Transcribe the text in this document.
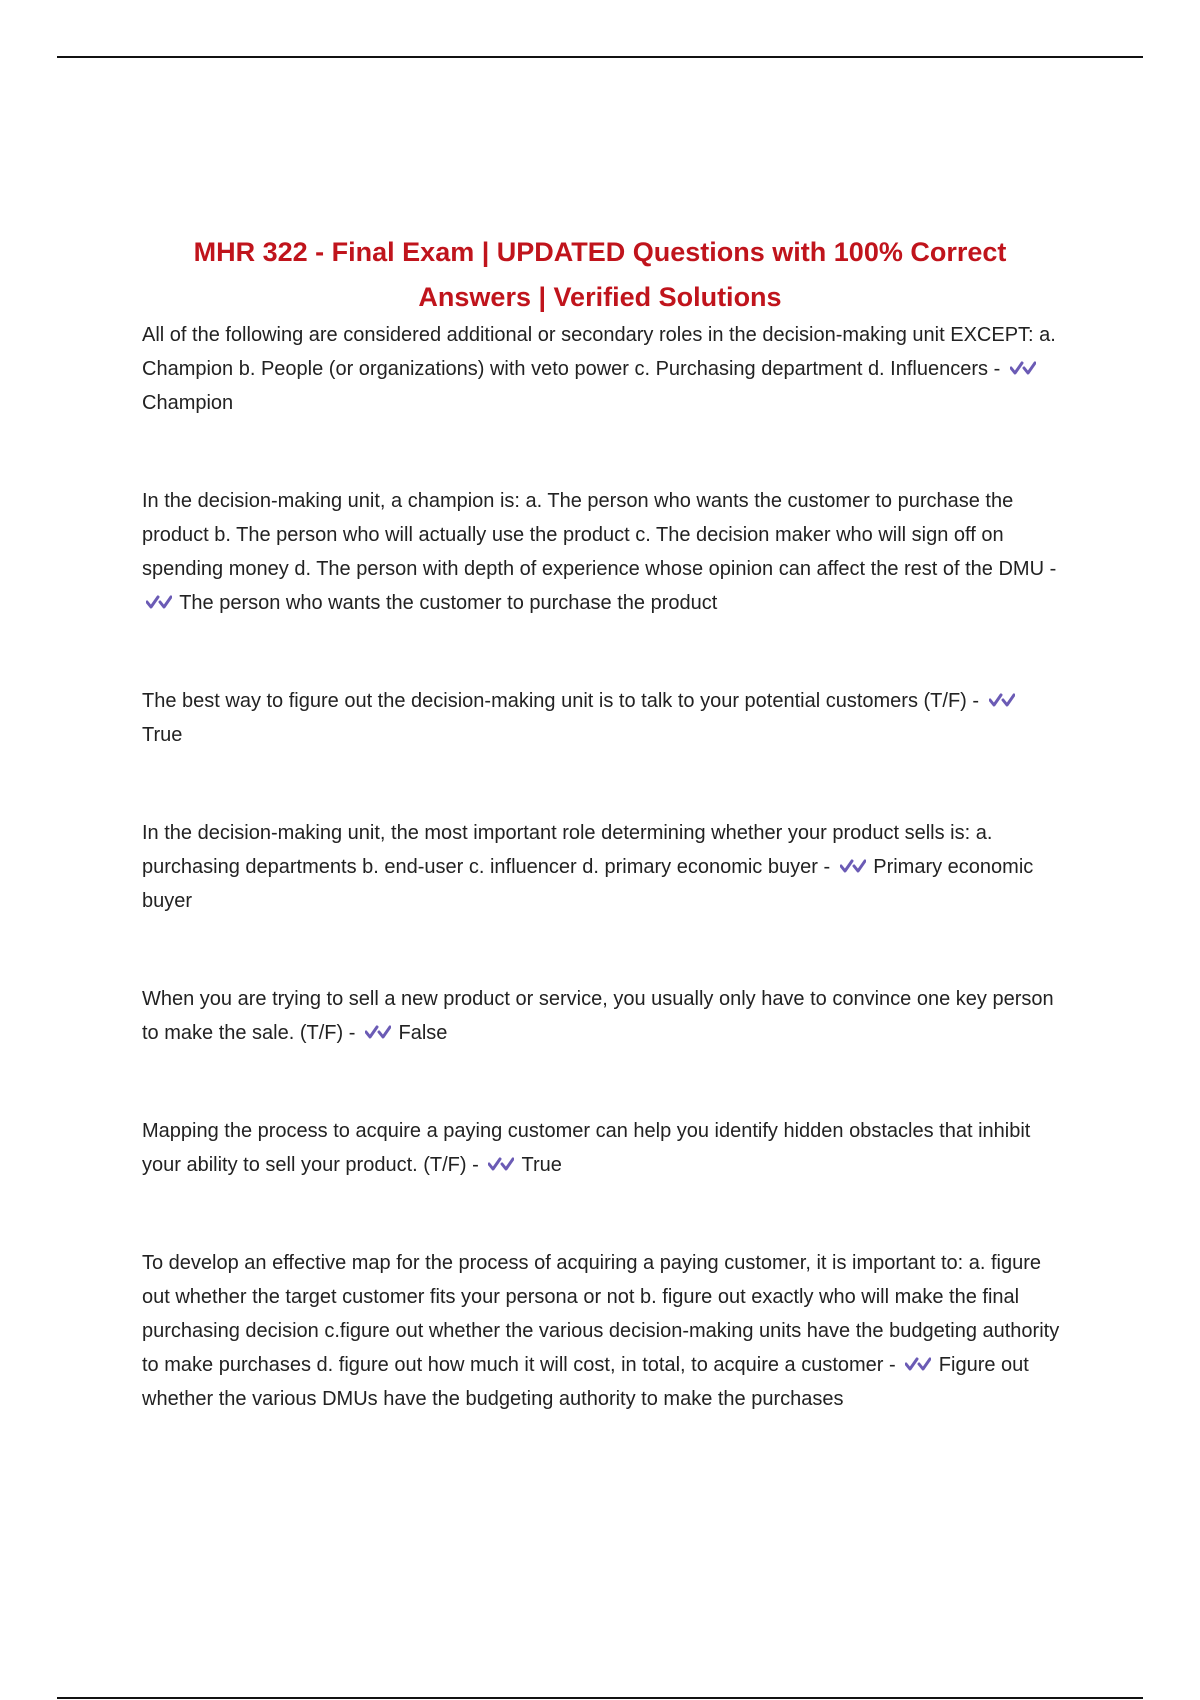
MHR 322 - Final Exam | UPDATED Questions with 100% Correct Answers | Verified Solutions

All of the following are considered additional or secondary roles in the decision-making unit EXCEPT: a. Champion b. People (or organizations) with veto power c. Purchasing department d. Influencers -
Champion

In the decision-making unit, a champion is: a. The person who wants the customer to purchase the product b. The person who will actually use the product c. The decision maker who will sign off on spending money d. The person with depth of experience whose opinion can affect the rest of the DMU -
The person who wants the customer to purchase the product

The best way to figure out the decision-making unit is to talk to your potential customers (T/F) -
True

In the decision-making unit, the most important role determining whether your product sells is: a. purchasing departments b. end-user c. influencer d. primary economic buyer - Primary economic buyer

When you are trying to sell a new product or service, you usually only have to convince one key person to make the sale. (T/F) - False

Mapping the process to acquire a paying customer can help you identify hidden obstacles that inhibit your ability to sell your product. (T/F) - True

To develop an effective map for the process of acquiring a paying customer, it is important to: a. figure out whether the target customer fits your persona or not b. figure out exactly who will make the final purchasing decision c.figure out whether the various decision-making units have the budgeting authority to make purchases d. figure out how much it will cost, in total, to acquire a customer - Figure out whether the various DMUs have the budgeting authority to make the purchases
